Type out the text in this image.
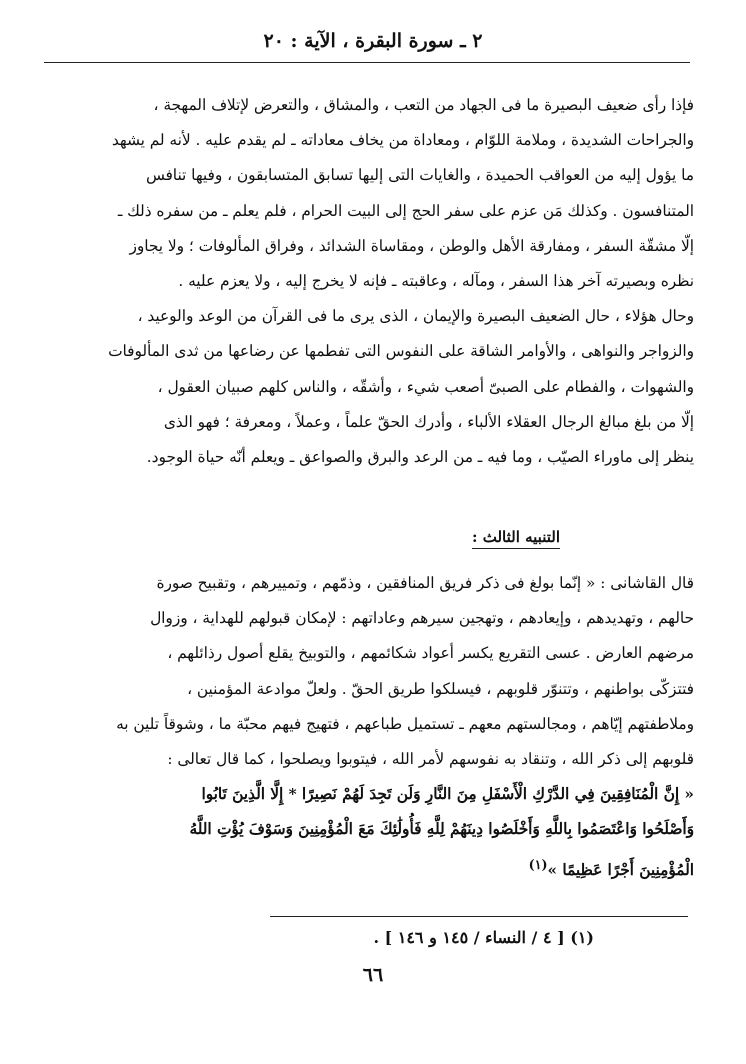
٢ ـ سورة البقرة ، الآية : ٢٠
فإذا رأى ضعيف البصيرة ما فى الجهاد من التعب ، والمشاق ، والتعرض لإتلاف المهجة ،
والجراحات الشديدة ، وملامة اللوّام ، ومعاداة من يخاف معاداته ـ لم يقدم عليه . لأنه لم يشهد
ما يؤول إليه من العواقب الحميدة ، والغايات التى إليها تسابق المتسابقون ، وفيها تنافس
المتنافسون . وكذلك مَن عزم على سفر الحج إلى البيت الحرام ، فلم يعلم ـ من سفره ذلك ـ
إلّا مشقّة السفر ، ومفارقة الأهل والوطن ، ومقاساة الشدائد ، وفراق المألوفات ؛ ولا يجاوز
نظره وبصيرته آخر هذا السفر ، ومآله ، وعاقبته ـ فإنه لا يخرج إليه ، ولا يعزم عليه .
وحال هؤلاء ، حال الضعيف البصيرة والإيمان ، الذى يرى ما فى القرآن من الوعد والوعيد ،
والزواجر والنواهى ، والأوامر الشاقة على النفوس التى تفطمها عن رضاعها من ثدى المألوفات
والشهوات ، والفطام على الصبىّ أصعب شيء ، وأشقّه ، والناس كلهم صبيان العقول ،
إلّا من بلغ مبالغ الرجال العقلاء الألباء ، وأدرك الحقّ علماً ، وعملاً ، ومعرفة ؛ فهو الذى
ينظر إلى ماوراء الصيّب ، وما فيه ـ من الرعد والبرق والصواعق ـ ويعلم أنّه حياة الوجود.
التنبيه الثالث :
قال القاشانى : « إنّما بولغ فى ذكر فريق المنافقين ، وذمّهم ، وتمييرهم ، وتقبيح صورة
حالهم ، وتهديدهم ، وإيعادهم ، وتهجين سيرهم وعاداتهم : لإمكان قبولهم للهداية ، وزوال
مرضهم العارض . عسى التقريع يكسر أعواد شكائمهم ، والتوبيخ يقلع أصول رذائلهم ،
فتتزكّى بواطنهم ، وتتنوّر قلوبهم ، فيسلكوا طريق الحقّ . ولعلّ موادعة المؤمنين ،
وملاطفتهم إيّاهم ، ومجالستهم معهم ـ تستميل طباعهم ، فتهيج فيهم محبّة ما ، وشوقاً تلين به
قلوبهم إلى ذكر الله ، وتنقاد به نفوسهم لأمر الله ، فيتوبوا ويصلحوا ، كما قال تعالى :
« إِنَّ الْمُنَافِقِينَ فِي الدَّرْكِ الْأَسْفَلِ مِنَ النَّارِ وَلَن تَجِدَ لَهُمْ نَصِيرًا * إِلَّا الَّذِينَ تَابُوا
وَأَصْلَحُوا وَاعْتَصَمُوا بِاللَّهِ وَأَخْلَصُوا دِينَهُمْ لِلَّهِ فَأُولَٰئِكَ مَعَ الْمُؤْمِنِينَ وَسَوْفَ يُؤْتِ اللَّهُ
الْمُؤْمِنِينَ أَجْرًا عَظِيمًا »$^{(١)}$
(١) [ ٤ / النساء / ١٤٥ و ١٤٦ ] .
٦٦
